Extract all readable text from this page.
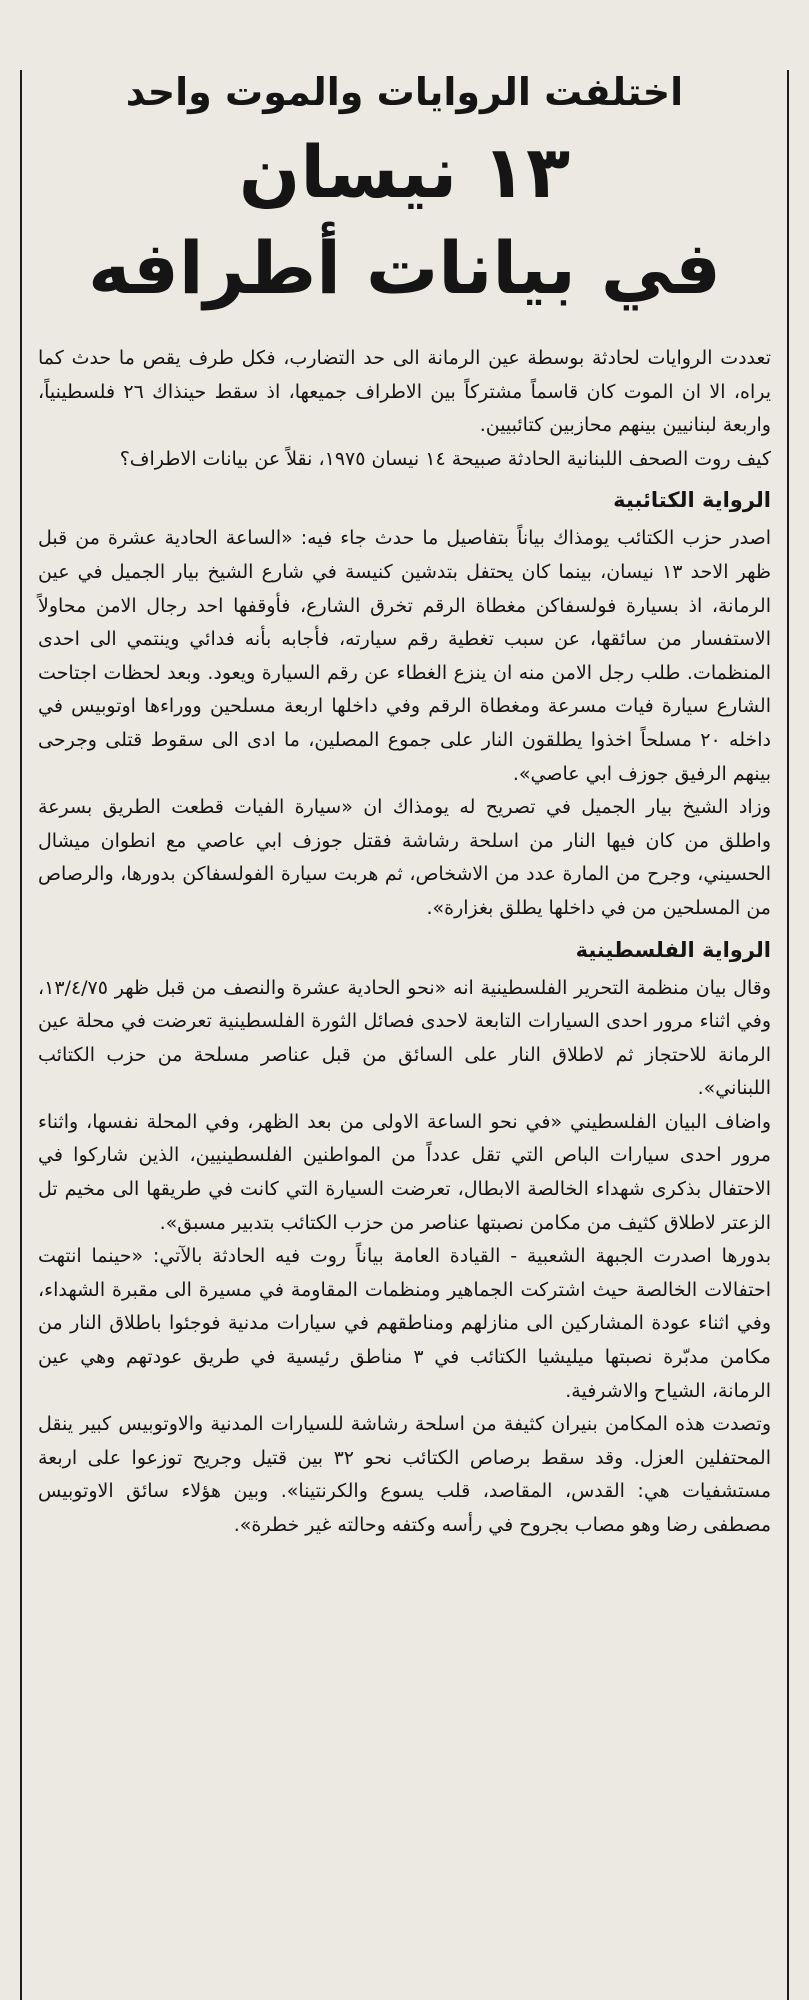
اختلفت الروايات والموت واحد
١٣ نيسان
في بيانات أطرافه

تعددت الروايات لحادثة بوسطة عين الرمانة الى حد التضارب، فكل طرف يقص ما حدث كما يراه، الا ان الموت كان قاسماً مشتركاً بين الاطراف جميعها، اذ سقط حينذاك ٢٦ فلسطينياً، واربعة لبنانيين بينهم محازبين كتائبيين.

كيف روت الصحف اللبنانية الحادثة صبيحة ١٤ نيسان ١٩٧٥، نقلاً عن بيانات الاطراف؟

الرواية الكتائبية

اصدر حزب الكتائب يومذاك بياناً بتفاصيل ما حدث جاء فيه: «الساعة الحادية عشرة من قبل ظهر الاحد ١٣ نيسان، بينما كان يحتفل بتدشين كنيسة في شارع الشيخ بيار الجميل في عين الرمانة، اذ بسيارة فولسفاكن مغطاة الرقم تخرق الشارع، فأوقفها احد رجال الامن محاولاً الاستفسار من سائقها، عن سبب تغطية رقم سيارته، فأجابه بأنه فدائي وينتمي الى احدى المنظمات. طلب رجل الامن منه ان ينزع الغطاء عن رقم السيارة ويعود. وبعد لحظات اجتاحت الشارع سيارة فيات مسرعة ومغطاة الرقم وفي داخلها اربعة مسلحين ووراءها اوتوبيس في داخله ٢٠ مسلحاً اخذوا يطلقون النار على جموع المصلين، ما ادى الى سقوط قتلى وجرحى بينهم الرفيق جوزف ابي عاصي».

وزاد الشيخ بيار الجميل في تصريح له يومذاك ان «سيارة الفيات قطعت الطريق بسرعة واطلق من كان فيها النار من اسلحة رشاشة فقتل جوزف ابي عاصي مع انطوان ميشال الحسيني، وجرح من المارة عدد من الاشخاص، ثم هربت سيارة الفولسفاكن بدورها، والرصاص من المسلحين من في داخلها يطلق بغزارة».

الرواية الفلسطينية

وقال بيان منظمة التحرير الفلسطينية انه «نحو الحادية عشرة والنصف من قبل ظهر ١٣/٤/٧٥، وفي اثناء مرور احدى السيارات التابعة لاحدى فصائل الثورة الفلسطينية تعرضت في محلة عين الرمانة للاحتجاز ثم لاطلاق النار على السائق من قبل عناصر مسلحة من حزب الكتائب اللبناني».

واضاف البيان الفلسطيني «في نحو الساعة الاولى من بعد الظهر، وفي المحلة نفسها، واثناء مرور احدى سيارات الباص التي تقل عدداً من المواطنين الفلسطينيين، الذين شاركوا في الاحتفال بذكرى شهداء الخالصة الابطال، تعرضت السيارة التي كانت في طريقها الى مخيم تل الزعتر لاطلاق كثيف من مكامن نصبتها عناصر من حزب الكتائب بتدبير مسبق».

بدورها اصدرت الجبهة الشعبية - القيادة العامة بياناً روت فيه الحادثة بالآتي: «حينما انتهت احتفالات الخالصة حيث اشتركت الجماهير ومنظمات المقاومة في مسيرة الى مقبرة الشهداء، وفي اثناء عودة المشاركين الى منازلهم ومناطقهم في سيارات مدنية فوجئوا باطلاق النار من مكامن مدبّرة نصبتها ميليشيا الكتائب في ٣ مناطق رئيسية في طريق عودتهم وهي عين الرمانة، الشياح والاشرفية.

وتصدت هذه المكامن بنيران كثيفة من اسلحة رشاشة للسيارات المدنية والاوتوبيس كبير ينقل المحتفلين العزل. وقد سقط برصاص الكتائب نحو ٣٢ بين قتيل وجريح توزعوا على اربعة مستشفيات هي: القدس، المقاصد، قلب يسوع والكرنتينا». وبين هؤلاء سائق الاوتوبيس مصطفى رضا وهو مصاب بجروح في رأسه وكتفه وحالته غير خطرة».
